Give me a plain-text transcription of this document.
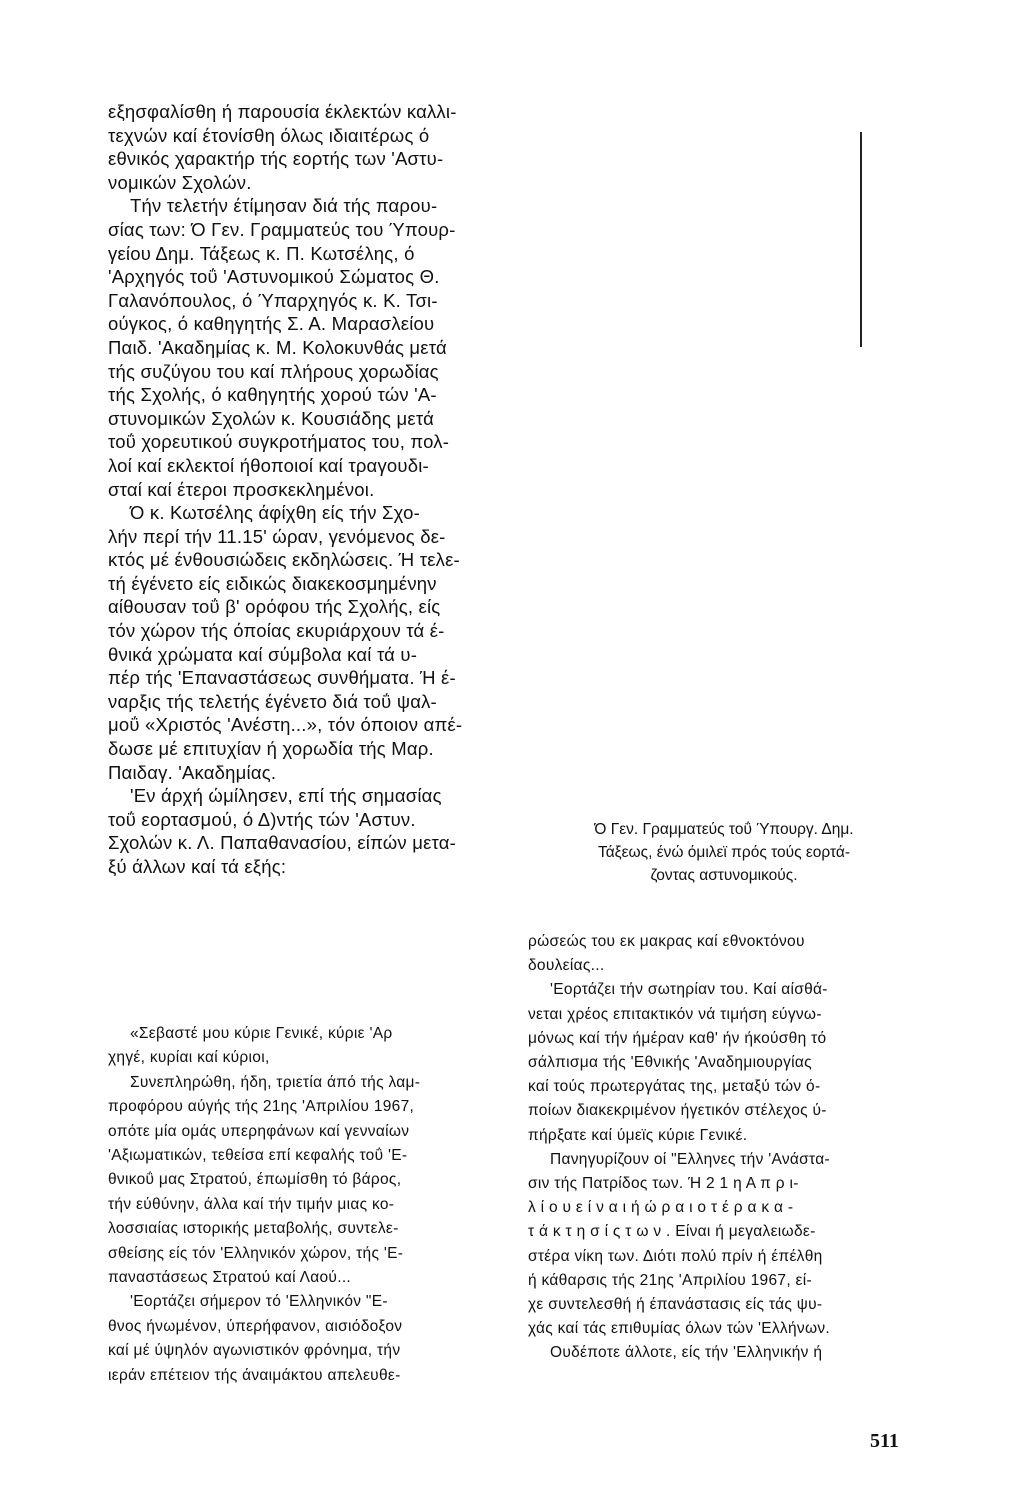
εξησφαλίσθη ή παρουσία έκλεκτών καλλι-
τεχνών καί έτονίσθη όλως ιδιαιτέρως ό
εθνικός χαρακτήρ τής εορτής των 'Αστυ-
νομικών Σχολών.
Τήν τελετήν έτίμησαν διά τής παρου-
σίας των: Ό Γεν. Γραμματεύς του Ύπουρ-
γείου Δημ. Τάξεως κ. Π. Κωτσέλης, ό
'Αρχηγός τοΰ 'Αστυνομικού Σώματος Θ.
Γαλανόπουλος, ό Ύπαρχηγός κ. Κ. Τσι-
ούγκος, ό καθηγητής Σ. Α. Μαρασλείου
Παιδ. 'Ακαδημίας κ. Μ. Κολοκυνθάς μετά
τής συζύγου του καί πλήρους χορωδίας
τής Σχολής, ό καθηγητής χορού τών 'Α-
στυνομικών Σχολών κ. Κουσιάδης μετά
τοΰ χορευτικού συγκροτήματος του, πολ-
λοί καί εκλεκτοί ήθοποιοί καί τραγουδι-
σταί καί έτεροι προσκεκλημένοι.
Ό κ. Κωτσέλης άφίχθη είς τήν Σχο-
λήν περί τήν 11.15' ώραν, γενόμενος δε-
κτός μέ ένθουσιώδεις εκδηλώσεις. Ή τελε-
τή έγένετο είς ειδικώς διακεκοσμημένην
αίθουσαν τοΰ β' ορόφου τής Σχολής, είς
τόν χώρον τής όποίας εκυριάρχουν τά έ-
θνικά χρώματα καί σύμβολα καί τά υ-
πέρ τής 'Επαναστάσεως συνθήματα. Ή έ-
ναρξις τής τελετής έγένετο διά τοΰ ψαλ-
μοΰ «Χριστός 'Ανέστη...», τόν όποιον απέ-
δωσε μέ επιτυχίαν ή χορωδία τής Μαρ.
Παιδαγ. 'Ακαδημίας.
'Εν άρχή ώμίλησεν, επί τής σημασίας
τοΰ εορτασμού, ό Δ)ντής τών 'Αστυν.
Σχολών κ. Λ. Παπαθανασίου, είπών μετα-
ξύ άλλων καί τά εξής:
«Σεβαστέ μου κύριε Γενικέ, κύριε 'Αρ
χηγέ, κυρίαι καί κύριοι,
Συνεπληρώθη, ήδη, τριετία άπό τής λαμ-
προφόρου αύγής τής 21ης 'Απριλίου 1967,
οπότε μία ομάς υπερηφάνων καί γενναίων
'Αξιωματικών, τεθείσα επί κεφαλής τοΰ 'Ε-
θνικοΰ μας Στρατού, έπωμίσθη τό βάρος,
τήν εύθύνην, άλλα καί τήν τιμήν μιας κο-
λοσσιαίας ιστορικής μεταβολής, συντελε-
σθείσης είς τόν 'Ελληνικόν χώρον, τής 'Ε-
παναστάσεως Στρατού καί Λαού...
'Εορτάζει σήμερον τό 'Ελληνικόν "Ε-
θνος ήνωμένον, ύπερήφανον, αισιόδοξον
καί μέ ύψηλόν αγωνιστικόν φρόνημα, τήν
ιεράν επέτειον τής άναιμάκτου απελευθε-
Ό Γεν. Γραμματεύς τοΰ Ύπουργ. Δημ.
Τάξεως, ένώ όμιλεϊ πρός τούς εορτά-
ζοντας αστυνομικούς.
ρώσεώς του εκ μακρας καί εθνοκτόνου
δουλείας...
'Εορτάζει τήν σωτηρίαν του. Καί αίσθά-
νεται χρέος επιτακτικόν νά τιμήση εύγνω-
μόνως καί τήν ήμέραν καθ' ήν ήκούσθη τό
σάλπισμα τής 'Εθνικής 'Αναδημιουργίας
καί τούς πρωτεργάτας της, μεταξύ τών ό-
ποίων διακεκριμένον ήγετικόν στέλεχος ύ-
πήρξατε καί ύμεϊς κύριε Γενικέ.
Πανηγυρίζουν οί "Ελληνες τήν 'Ανάστα-
σιν τής Πατρίδος των. Ή 2 1 η Α π ρ ι-
λ ί ο υ ε ί ν α ι ή ώ ρ α ι ο τ έ ρ α κ α -
τ ά κ τ η σ ί ς τ ω ν . Είναι ή μεγαλειωδε-
στέρα νίκη των. Διότι πολύ πρίν ή έπέλθη
ή κάθαρσις τής 21ης 'Απριλίου 1967, εί-
χε συντελεσθή ή έπανάστασις είς τάς ψυ-
χάς καί τάς επιθυμίας όλων τών 'Ελλήνων.
Ουδέποτε άλλοτε, είς τήν 'Ελληνικήν ή
511
